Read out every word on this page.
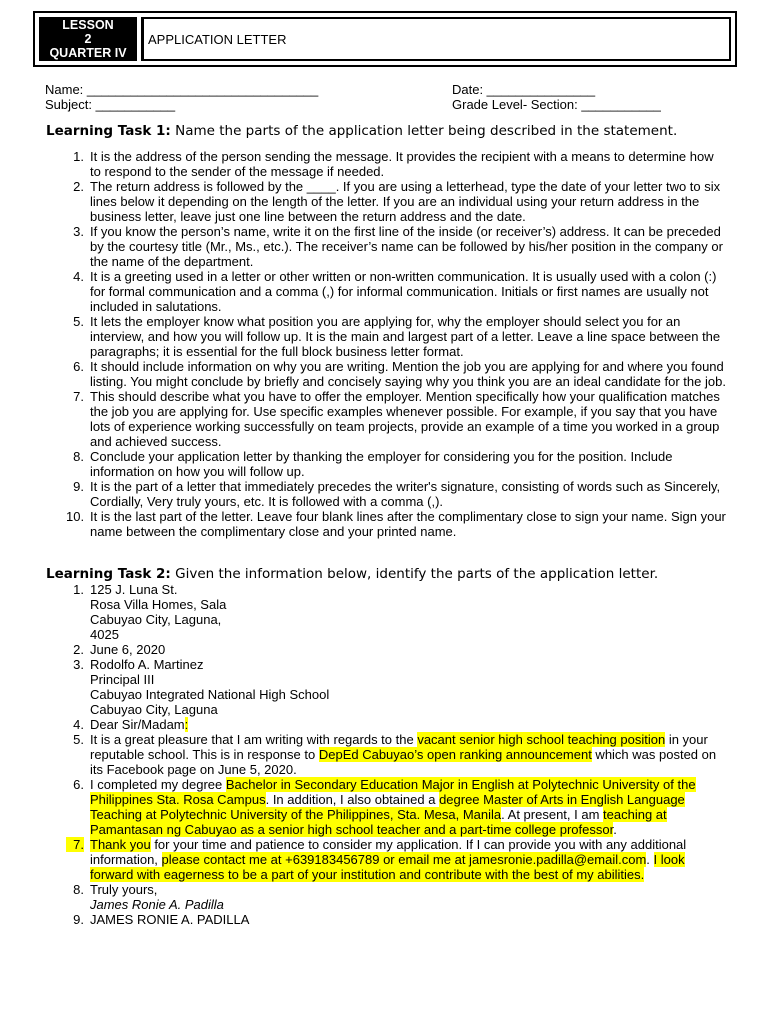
LESSON
2
QUARTER IV
APPLICATION LETTER
Name: ________________________________	Date: _______________
Subject: ___________	Grade Level- Section: ___________
Learning Task 1: Name the parts of the application letter being described in the statement.
1. It is the address of the person sending the message. It provides the recipient with a means to determine how to respond to the sender of the message if needed.
2. The return address is followed by the ____. If you are using a letterhead, type the date of your letter two to six lines below it depending on the length of the letter. If you are an individual using your return address in the business letter, leave just one line between the return address and the date.
3. If you know the person’s name, write it on the first line of the inside (or receiver’s) address. It can be preceded by the courtesy title (Mr., Ms., etc.). The receiver’s name can be followed by his/her position in the company or the name of the department.
4. It is a greeting used in a letter or other written or non-written communication. It is usually used with a colon (:) for formal communication and a comma (,) for informal communication. Initials or first names are usually not included in salutations.
5. It lets the employer know what position you are applying for, why the employer should select you for an interview, and how you will follow up. It is the main and largest part of a letter. Leave a line space between the paragraphs; it is essential for the full block business letter format.
6. It should include information on why you are writing. Mention the job you are applying for and where you found listing. You might conclude by briefly and concisely saying why you think you are an ideal candidate for the job.
7. This should describe what you have to offer the employer. Mention specifically how your qualification matches the job you are applying for. Use specific examples whenever possible. For example, if you say that you have lots of experience working successfully on team projects, provide an example of a time you worked in a group and achieved success.
8. Conclude your application letter by thanking the employer for considering you for the position. Include information on how you will follow up.
9. It is the part of a letter that immediately precedes the writer's signature, consisting of words such as Sincerely, Cordially, Very truly yours, etc. It is followed with a comma (,).
10. It is the last part of the letter. Leave four blank lines after the complimentary close to sign your name. Sign your name between the complimentary close and your printed name.
Learning Task 2: Given the information below, identify the parts of the application letter.
1. 125 J. Luna St.
Rosa Villa Homes, Sala
Cabuyao City, Laguna,
4025
2. June 6, 2020
3. Rodolfo A. Martinez
Principal III
Cabuyao Integrated National High School
Cabuyao City, Laguna
4. Dear Sir/Madam:
5. It is a great pleasure that I am writing with regards to the vacant senior high school teaching position in your reputable school. This is in response to DepEd Cabuyao’s open ranking announcement which was posted on its Facebook page on June 5, 2020.
6. I completed my degree Bachelor in Secondary Education Major in English at Polytechnic University of the Philippines Sta. Rosa Campus. In addition, I also obtained a degree Master of Arts in English Language Teaching at Polytechnic University of the Philippines, Sta. Mesa, Manila. At present, I am teaching at Pamantasan ng Cabuyao as a senior high school teacher and a part-time college professor.
7. Thank you for your time and patience to consider my application. If I can provide you with any additional information, please contact me at +639183456789 or email me at jamesronie.padilla@email.com. I look forward with eagerness to be a part of your institution and contribute with the best of my abilities.
8. Truly yours,
James Ronie A. Padilla
9. JAMES RONIE A. PADILLA
